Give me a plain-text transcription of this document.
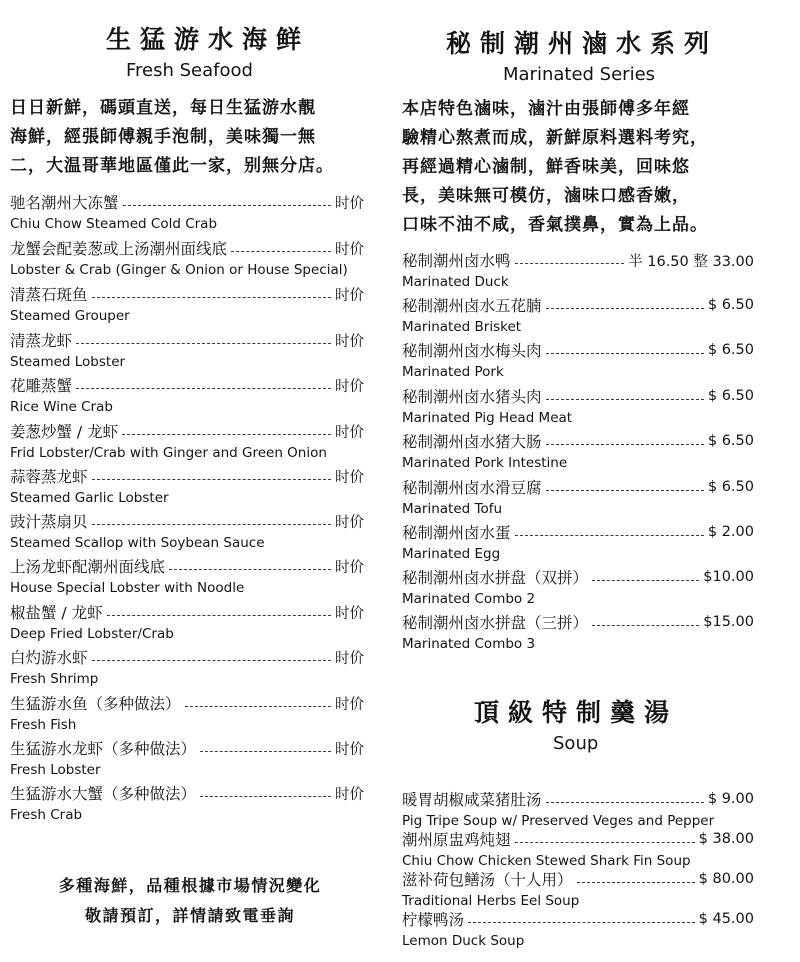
生猛游水海鲜
Fresh Seafood
日日新鮮，碼頭直送，每日生猛游水靚
海鮮，經張師傅親手泡制，美味獨一無
二，大温哥華地區僅此一家，别無分店。
驰名潮州大冻蟹	时价
Chiu Chow Steamed Cold Crab
龙蟹会配姜葱或上汤潮州面线底	时价
Lobster & Crab (Ginger & Onion or House Special)
清蒸石斑鱼	时价
Steamed Grouper
清蒸龙虾	时价
Steamed Lobster
花雕蒸蟹	时价
Rice Wine Crab
姜葱炒蟹 / 龙虾	时价
Frid Lobster/Crab with Ginger and Green Onion
蒜蓉蒸龙虾	时价
Steamed Garlic Lobster
豉汁蒸扇贝	时价
Steamed Scallop with Soybean Sauce
上汤龙虾配潮州面线底	时价
House Special Lobster with Noodle
椒盐蟹 / 龙虾	时价
Deep Fried Lobster/Crab
白灼游水虾	时价
Fresh Shrimp
生猛游水鱼（多种做法）	时价
Fresh Fish
生猛游水龙虾（多种做法）	时价
Fresh Lobster
生猛游水大蟹（多种做法）	时价
Fresh Crab
多種海鮮，品種根據市場情況變化
敬請預訂，詳情請致電垂詢
秘制潮州滷水系列
Marinated Series
本店特色滷味，滷汁由張師傅多年經
驗精心熬煮而成，新鮮原料選料考究，
再經過精心滷制，鮮香味美，回味悠
長，美味無可模仿，滷味口感香嫩，
口味不油不咸，香氣撲鼻，實為上品。
秘制潮州卤水鸭	半 16.50 整 33.00
Marinated Duck
秘制潮州卤水五花腩	$ 6.50
Marinated Brisket
秘制潮州卤水梅头肉	$ 6.50
Marinated Pork
秘制潮州卤水猪头肉	$ 6.50
Marinated Pig Head Meat
秘制潮州卤水猪大肠	$ 6.50
Marinated Pork Intestine
秘制潮州卤水滑豆腐	$ 6.50
Marinated Tofu
秘制潮州卤水蛋	$ 2.00
Marinated Egg
秘制潮州卤水拼盘（双拼）	$10.00
Marinated Combo 2
秘制潮州卤水拼盘（三拼）	$15.00
Marinated Combo 3
頂級特制羹湯
Soup
暖胃胡椒咸菜猪肚汤	$ 9.00
Pig Tripe Soup w/ Preserved Veges and Pepper
潮州原盅鸡炖翅	$ 38.00
Chiu Chow Chicken Stewed Shark Fin Soup
滋补荷包鳝汤（十人用）	$ 80.00
Traditional Herbs Eel Soup
柠檬鸭汤	$ 45.00
Lemon Duck Soup
